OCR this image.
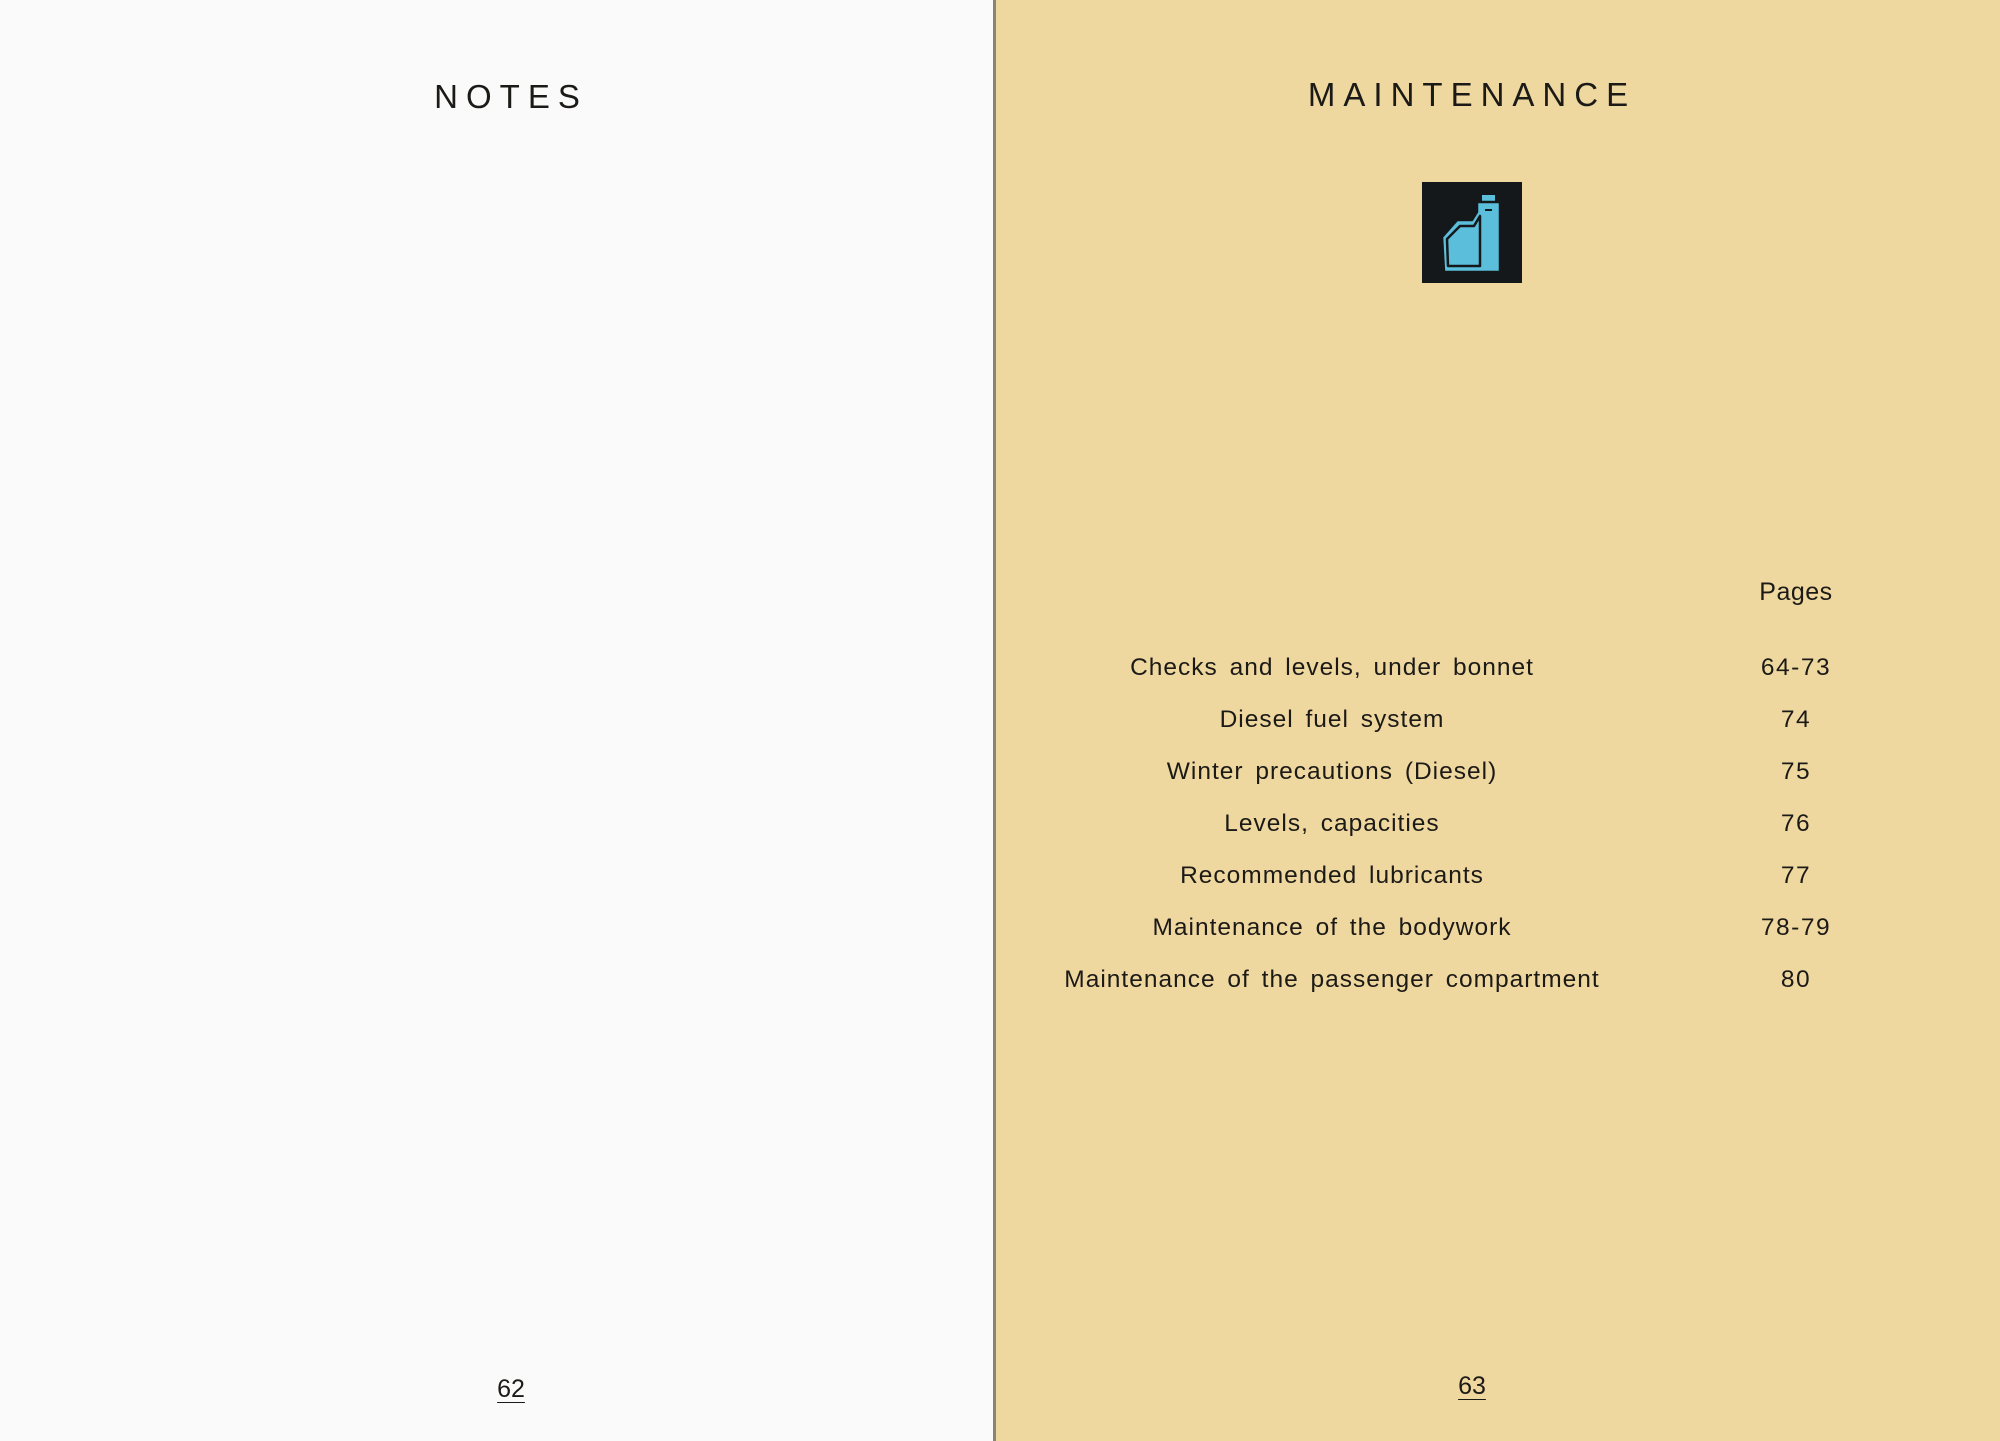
NOTES
62
MAINTENANCE
Pages
Checks and levels, under bonnet	64-73
Diesel fuel system	74
Winter precautions (Diesel)	75
Levels, capacities	76
Recommended lubricants	77
Maintenance of the bodywork	78-79
Maintenance of the passenger compartment	80
63
